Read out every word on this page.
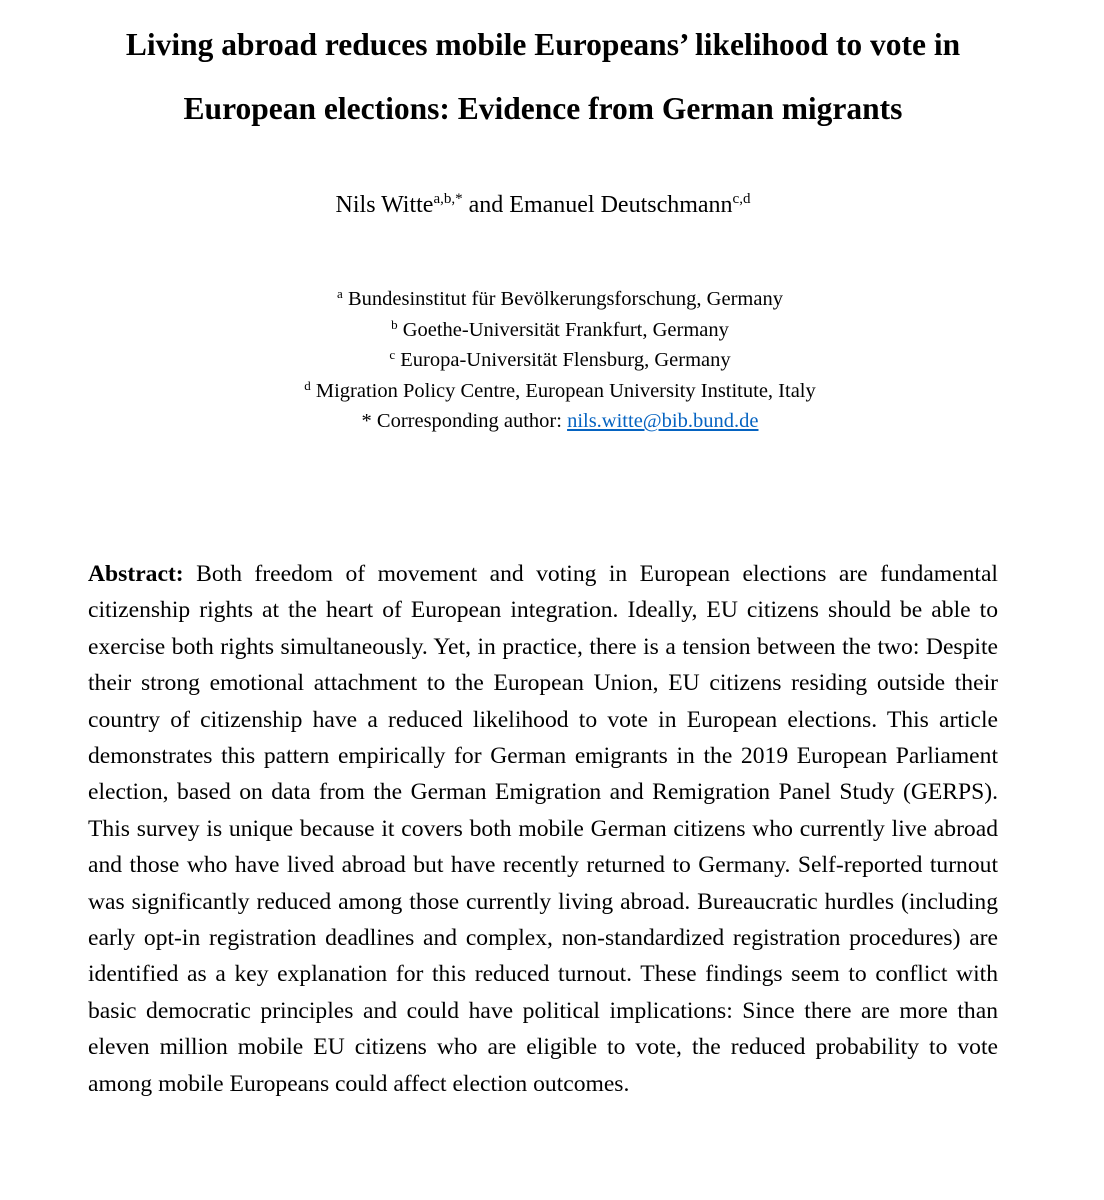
Living abroad reduces mobile Europeans’ likelihood to vote in
European elections: Evidence from German migrants
Nils Witte$^{a,b,*}$ and Emanuel Deutschmann$^{c,d}$
$^a$ Bundesinstitut für Bevölkerungsforschung, Germany
$^b$ Goethe-Universität Frankfurt, Germany
$^c$ Europa-Universität Flensburg, Germany
$^d$ Migration Policy Centre, European University Institute, Italy
* Corresponding author: nils.witte@bib.bund.de

Abstract: Both freedom of movement and voting in European elections are fundamental citizenship rights at the heart of European integration. Ideally, EU citizens should be able to exercise both rights simultaneously. Yet, in practice, there is a tension between the two: Despite their strong emotional attachment to the European Union, EU citizens residing outside their country of citizenship have a reduced likelihood to vote in European elections. This article demonstrates this pattern empirically for German emigrants in the 2019 European Parliament election, based on data from the German Emigration and Remigration Panel Study (GERPS). This survey is unique because it covers both mobile German citizens who currently live abroad and those who have lived abroad but have recently returned to Germany. Self-reported turnout was significantly reduced among those currently living abroad. Bureaucratic hurdles (including early opt-in registration deadlines and complex, non-standardized registration procedures) are identified as a key explanation for this reduced turnout. These findings seem to conflict with basic democratic principles and could have political implications: Since there are more than eleven million mobile EU citizens who are eligible to vote, the reduced probability to vote among mobile Europeans could affect election outcomes.
